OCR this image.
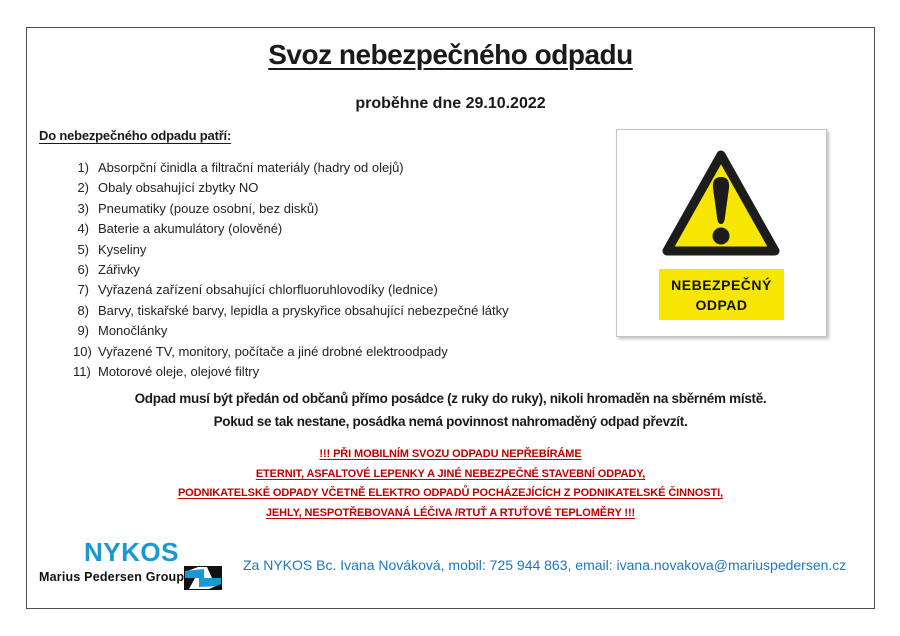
Svoz nebezpečného odpadu
proběhne dne 29.10.2022
Do nebezpečného odpadu patří:
1) Absorpční činidla a filtrační materiály (hadry od olejů)
2) Obaly obsahující zbytky NO
3) Pneumatiky (pouze osobní, bez disků)
4) Baterie a akumulátory (olověné)
5) Kyseliny
6) Zářivky
7) Vyřazená zařízení obsahující chlorfluoruhlovodíky (lednice)
8) Barvy, tiskařské barvy, lepidla a pryskyřice obsahující nebezpečné látky
9) Monočlánky
10) Vyřazené TV, monitory, počítače a jiné drobné elektroodpady
11) Motorové oleje, olejové filtry
NEBEZPEČNÝ
ODPAD
Odpad musí být předán od občanů přímo posádce (z ruky do ruky), nikoli hromaděn na sběrném místě.
Pokud se tak nestane, posádka nemá povinnost nahromaděný odpad převzít.
!!! PŘI MOBILNÍM SVOZU ODPADU NEPŘEBÍRÁME
ETERNIT, ASFALTOVÉ LEPENKY A JINÉ NEBEZPEČNÉ STAVEBNÍ ODPADY,
PODNIKATELSKÉ ODPADY VČETNĚ ELEKTRO ODPADŮ POCHÁZEJÍCÍCH Z PODNIKATELSKÉ ČINNOSTI,
JEHLY, NESPOTŘEBOVANÁ LÉČIVA /RTUŤ A RTUŤOVÉ TEPLOMĚRY !!!
NYKOS
Marius Pedersen Group
Za NYKOS Bc. Ivana Nováková, mobil: 725 944 863, email: ivana.novakova@mariuspedersen.cz
